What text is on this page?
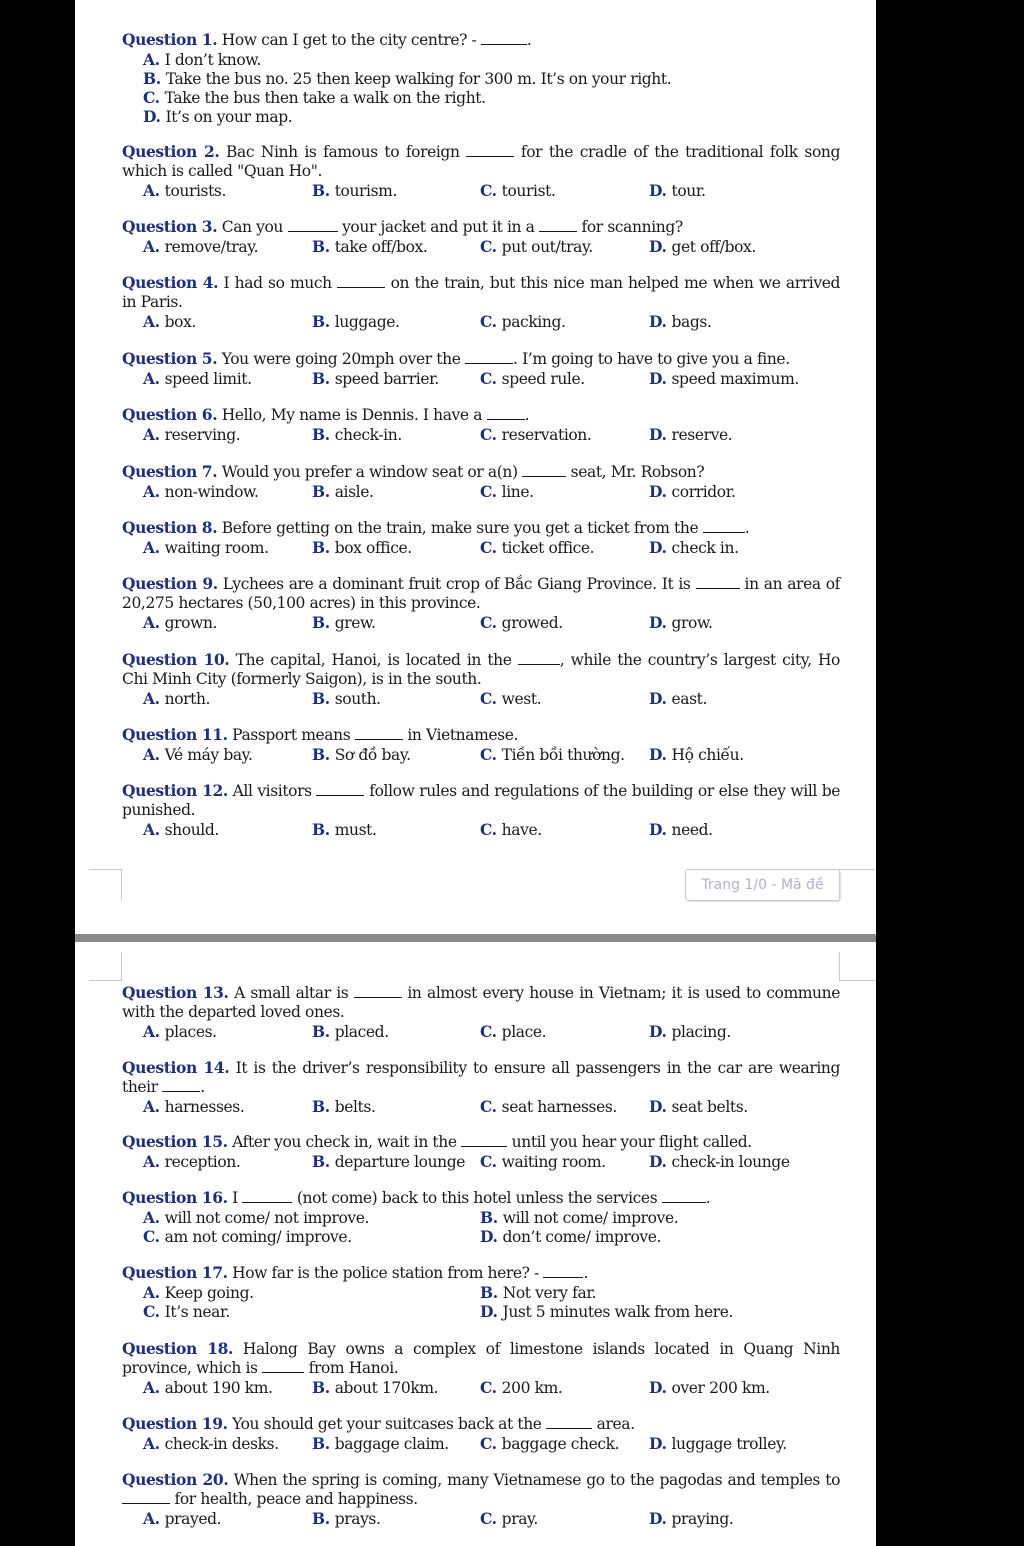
Question 1. How can I get to the city centre? -	.
A. I don’t know.
B. Take the bus no. 25 then keep walking for 300 m. It’s on your right.
C. Take the bus then take a walk on the right.
D. It’s on your map.
Question 2. Bac Ninh is famous to foreign	for the cradle of the traditional folk song which is called "Quan Ho".
A. tourists.	B. tourism.	C. tourist.	D. tour.
Question 3. Can you	your jacket and put it in a  for scanning?
A. remove/tray.	B. take off/box.	C. put out/tray.	D. get off/box.
Question 4. I had so much	on the train, but this nice man helped me when we arrived in Paris.
A. box.	B. luggage.	C. packing.	D. bags.
Question 5. You were going 20mph over the	. I’m going to have to give you a fine.
A. speed limit.	B. speed barrier.	C. speed rule.	D. speed maximum.
Question 6. Hello, My name is Dennis. I have a .
A. reserving.	B. check-in.	C. reservation.	D. reserve.
Question 7. Would you prefer a window seat or a(n)	seat, Mr. Robson?
A. non-window.	B. aisle.	C. line.	D. corridor.
Question 8. Before getting on the train, make sure you get a ticket from the	.
A. waiting room.	B. box office.	C. ticket office.	D. check in.
Question 9. Lychees are a dominant fruit crop of Bắc Giang Province. It is	in an area of 20,275 hectares (50,100 acres) in this province.
A. grown.	B. grew.	C. growed.	D. grow.
Question 10. The capital, Hanoi, is located in the	, while the country’s largest city, Ho Chi Minh City (formerly Saigon), is in the south.
A. north.	B. south.	C. west.	D. east.
Question 11. Passport means	in Vietnamese.
A. Vé máy bay.	B. Sơ đồ bay.	C. Tiền bồi thường. D. Hộ chiếu.
Question 12. All visitors	follow rules and regulations of the building or else they will be punished.
A. should.	B. must.	C. have.	D. need.
Trang 1/0 - Mã đề
Question 13. A small altar is	in almost every house in Vietnam; it is used to commune with the departed loved ones.
A. places.	B. placed.	C. place.	D. placing.
Question 14. It is the driver’s responsibility to ensure all passengers in the car are wearing their .
A. harnesses.	B. belts.	C. seat harnesses. D. seat belts.
Question 15. After you check in, wait in the	until you hear your flight called.
A. reception.	B. departure lounge C. waiting room.	D. check-in lounge
Question 16. I	(not come) back to this hotel unless the services	.
A. will not come/ not improve.	B. will not come/ improve.
C. am not coming/ improve.	D. don’t come/ improve.
Question 17. How far is the police station from here? -	.
A. Keep going.	B. Not very far.
C. It’s near.	D. Just 5 minutes walk from here.
Question 18. Halong Bay owns a complex of limestone islands located in Quang Ninh province, which is	from Hanoi.
A. about 190 km.	B. about 170km.	C. 200 km.	D. over 200 km.
Question 19. You should get your suitcases back at the	area.
A. check-in desks. B. baggage claim. C. baggage check. D. luggage trolley.
Question 20. When the spring is coming, many Vietnamese go to the pagodas and temples to  for health, peace and happiness.
A. prayed.	B. prays.	C. pray.	D. praying.
